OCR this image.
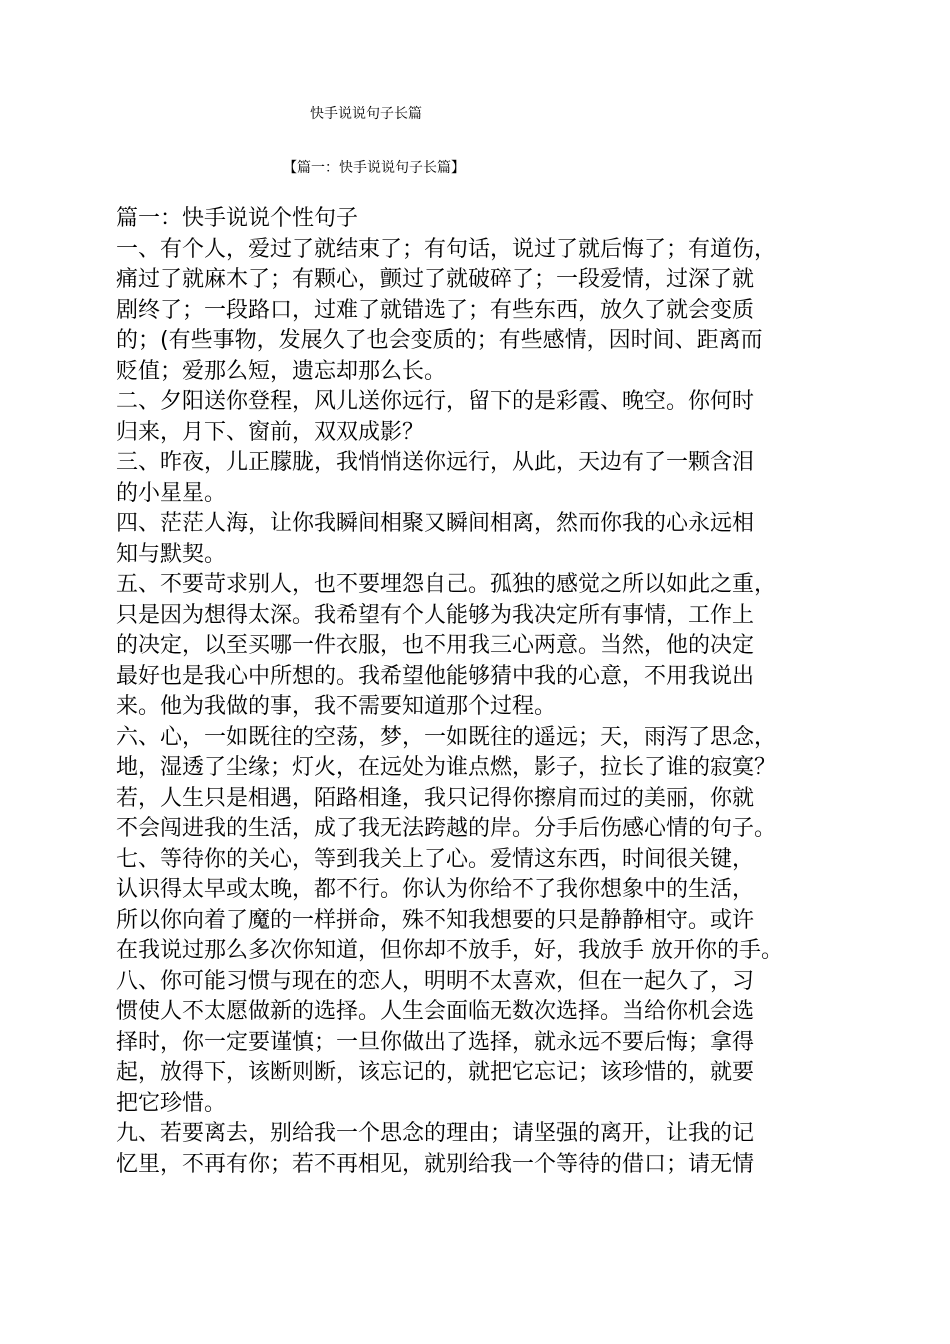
快手说说句子长篇
【篇一：快手说说句子长篇】
篇一：快手说说个性句子
一、有个人，爱过了就结束了；有句话，说过了就后悔了；有道伤，
痛过了就麻木了；有颗心，颤过了就破碎了；一段爱情，过深了就
剧终了；一段路口，过难了就错选了；有些东西，放久了就会变质
的；(有些事物，发展久了也会变质的；有些感情，因时间、距离而
贬值；爱那么短，遗忘却那么长。
二、夕阳送你登程，风儿送你远行，留下的是彩霞、晚空。你何时
归来，月下、窗前，双双成影？
三、昨夜，儿正朦胧，我悄悄送你远行，从此，天边有了一颗含泪
的小星星。
四、茫茫人海，让你我瞬间相聚又瞬间相离，然而你我的心永远相
知与默契。
五、不要苛求别人，也不要埋怨自己。孤独的感觉之所以如此之重，
只是因为想得太深。我希望有个人能够为我决定所有事情，工作上
的决定，以至买哪一件衣服，也不用我三心两意。当然，他的决定
最好也是我心中所想的。我希望他能够猜中我的心意，不用我说出
来。他为我做的事，我不需要知道那个过程。
六、心，一如既往的空荡，梦，一如既往的遥远；天，雨泻了思念，
地，湿透了尘缘；灯火，在远处为谁点燃，影子，拉长了谁的寂寞？
若，人生只是相遇，陌路相逢，我只记得你擦肩而过的美丽，你就
不会闯进我的生活，成了我无法跨越的岸。分手后伤感心情的句子。
七、等待你的关心，等到我关上了心。爱情这东西，时间很关键，
认识得太早或太晚，都不行。你认为你给不了我你想象中的生活，
所以你向着了魔的一样拼命，殊不知我想要的只是静静相守。或许
在我说过那么多次你知道，但你却不放手，好，我放手 放开你的手。
八、你可能习惯与现在的恋人，明明不太喜欢，但在一起久了，习
惯使人不太愿做新的选择。人生会面临无数次选择。当给你机会选
择时，你一定要谨慎；一旦你做出了选择，就永远不要后悔；拿得
起，放得下，该断则断，该忘记的，就把它忘记；该珍惜的，就要
把它珍惜。
九、若要离去，别给我一个思念的理由；请坚强的离开，让我的记
忆里，不再有你；若不再相见，就别给我一个等待的借口；请无情
